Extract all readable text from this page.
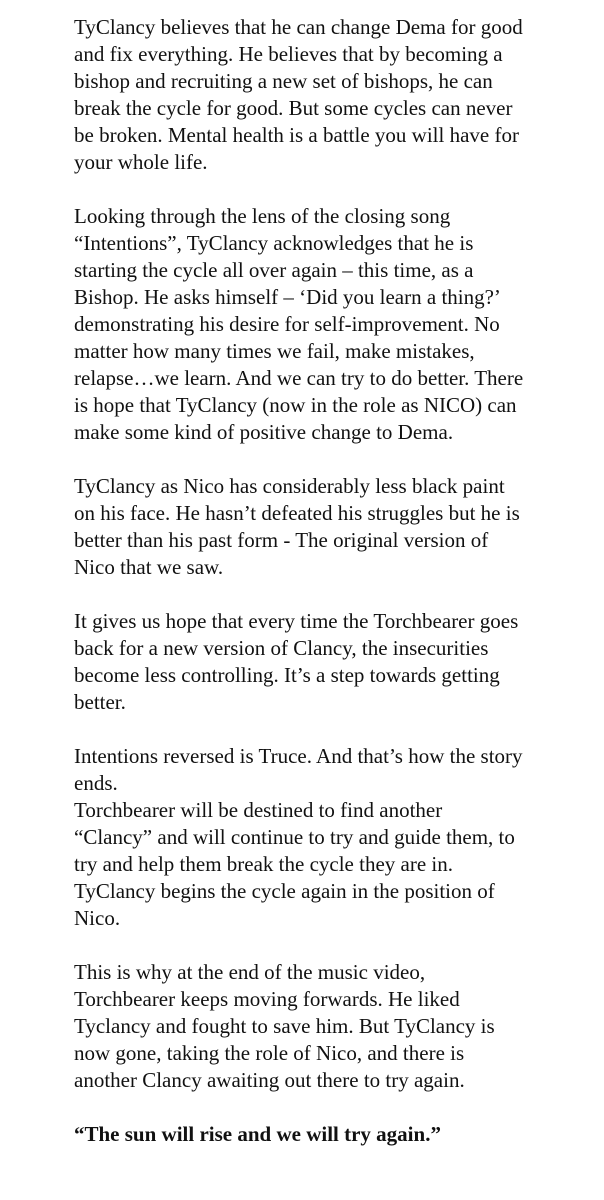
TyClancy believes that he can change Dema for good
and fix everything. He believes that by becoming a
bishop and recruiting a new set of bishops, he can
break the cycle for good. But some cycles can never
be broken. Mental health is a battle you will have for
your whole life.
Looking through the lens of the closing song
“Intentions”, TyClancy acknowledges that he is
starting the cycle all over again – this time, as a
Bishop. He asks himself – ‘Did you learn a thing?’
demonstrating his desire for self-improvement. No
matter how many times we fail, make mistakes,
relapse…we learn. And we can try to do better. There
is hope that TyClancy (now in the role as NICO) can
make some kind of positive change to Dema.
TyClancy as Nico has considerably less black paint
on his face. He hasn’t defeated his struggles but he is
better than his past form - The original version of
Nico that we saw.
It gives us hope that every time the Torchbearer goes
back for a new version of Clancy, the insecurities
become less controlling. It’s a step towards getting
better.
Intentions reversed is Truce. And that’s how the story
ends.
Torchbearer will be destined to find another
“Clancy” and will continue to try and guide them, to
try and help them break the cycle they are in.
TyClancy begins the cycle again in the position of
Nico.
This is why at the end of the music video,
Torchbearer keeps moving forwards. He liked
Tyclancy and fought to save him. But TyClancy is
now gone, taking the role of Nico, and there is
another Clancy awaiting out there to try again.
“The sun will rise and we will try again.”
